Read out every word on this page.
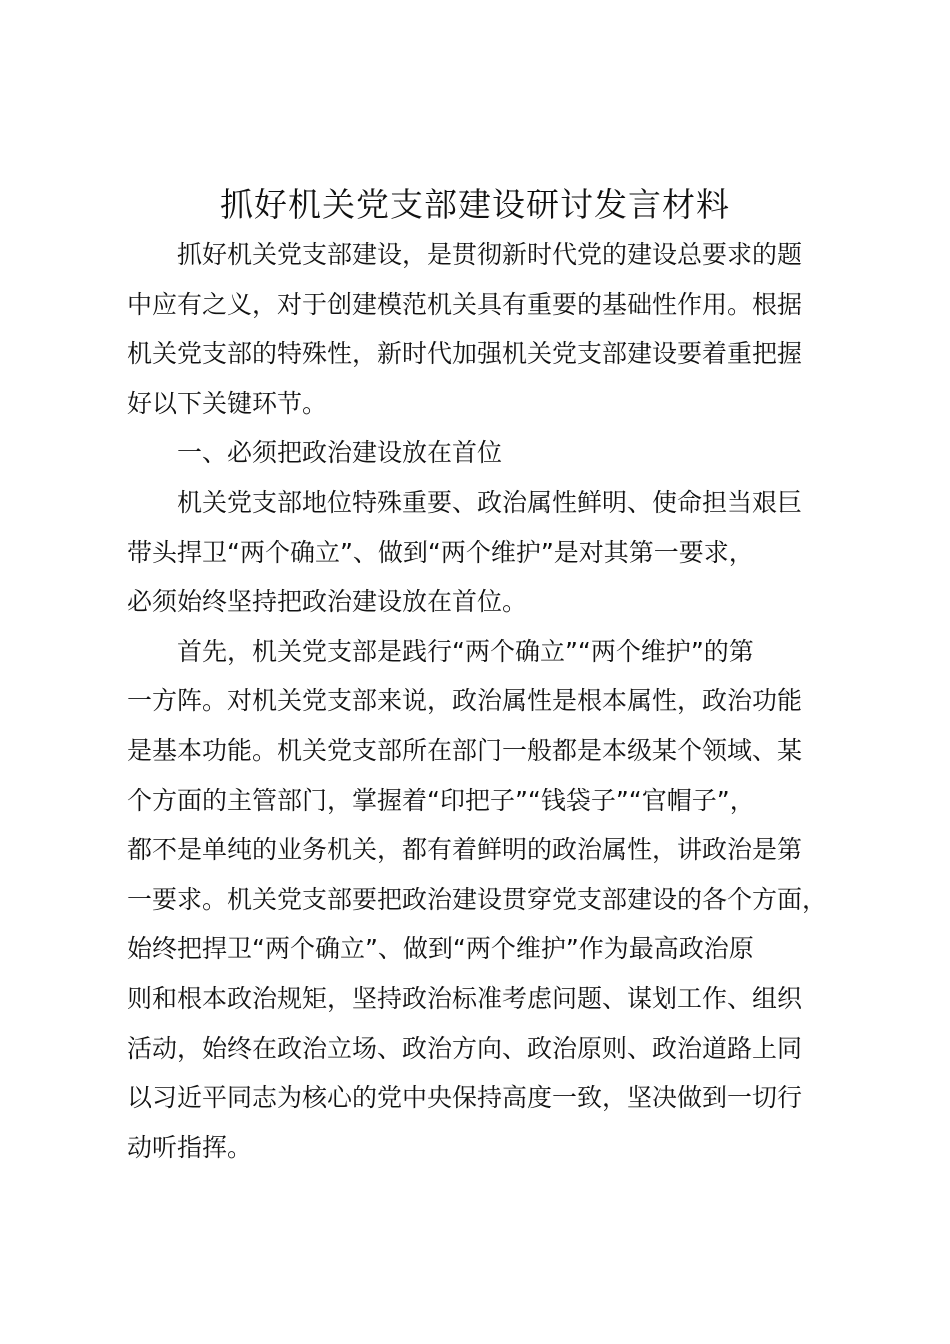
抓好机关党支部建设研讨发言材料

抓好机关党支部建设，是贯彻新时代党的建设总要求的题
中应有之义，对于创建模范机关具有重要的基础性作用。根据
机关党支部的特殊性，新时代加强机关党支部建设要着重把握
好以下关键环节。

一、必须把政治建设放在首位

机关党支部地位特殊重要、政治属性鲜明、使命担当艰巨
带头捍卫“两个确立”、做到“两个维护”是对其第一要求，
必须始终坚持把政治建设放在首位。

首先，机关党支部是践行“两个确立”“两个维护”的第
一方阵。对机关党支部来说，政治属性是根本属性，政治功能
是基本功能。机关党支部所在部门一般都是本级某个领域、某
个方面的主管部门，掌握着“印把子”“钱袋子”“官帽子”，
都不是单纯的业务机关，都有着鲜明的政治属性，讲政治是第
一要求。机关党支部要把政治建设贯穿党支部建设的各个方面，
始终把捍卫“两个确立”、做到“两个维护”作为最高政治原
则和根本政治规矩，坚持政治标准考虑问题、谋划工作、组织
活动，始终在政治立场、政治方向、政治原则、政治道路上同
以习近平同志为核心的党中央保持高度一致，坚决做到一切行
动听指挥。
